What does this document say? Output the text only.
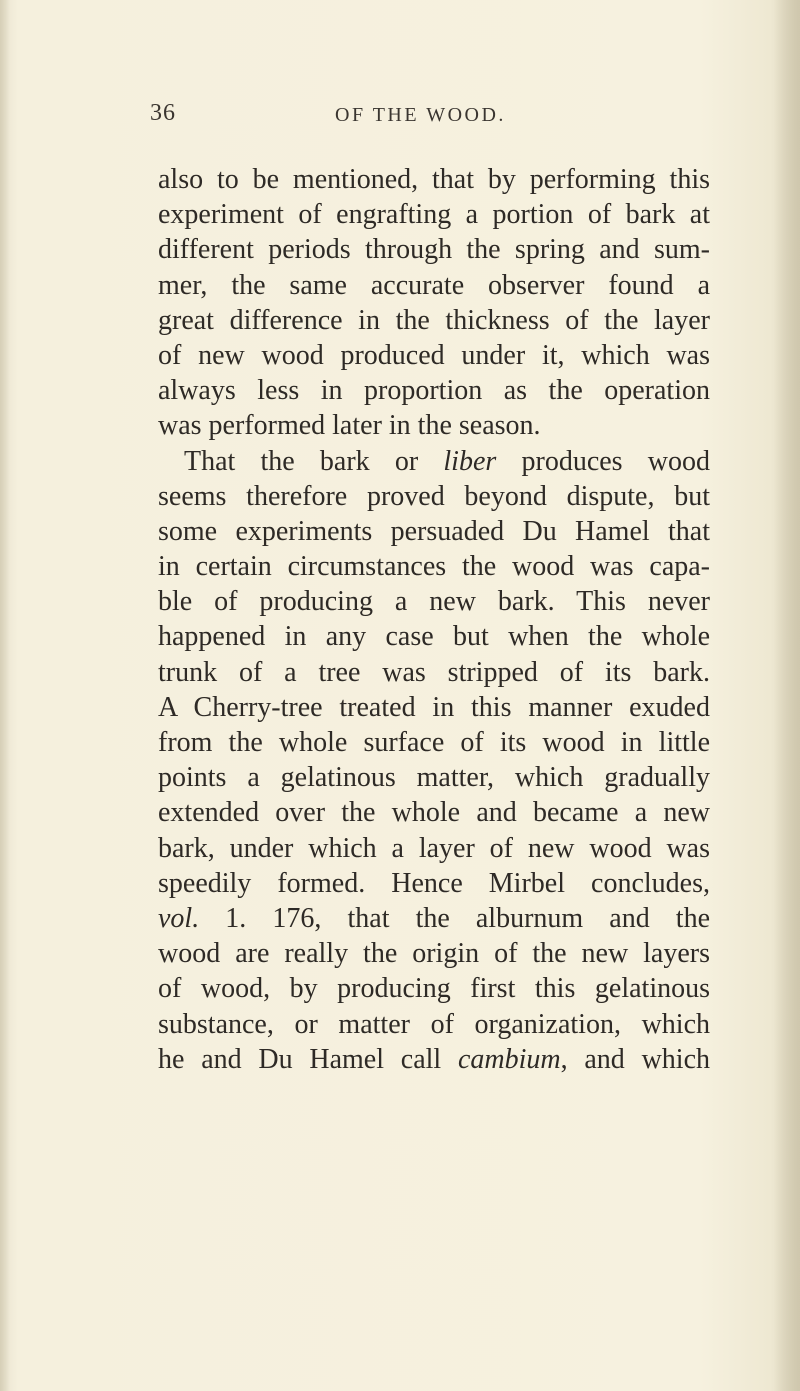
36	OF THE WOOD.
also to be mentioned, that by performing this
experiment of engrafting a portion of bark at
different periods through the spring and sum-
mer, the same accurate observer found a
great difference in the thickness of the layer
of new wood produced under it, which was
always less in proportion as the operation
was performed later in the season.
That the bark or liber produces wood
seems therefore proved beyond dispute, but
some experiments persuaded Du Hamel that
in certain circumstances the wood was capa-
ble of producing a new bark. This never
happened in any case but when the whole
trunk of a tree was stripped of its bark.
A Cherry-tree treated in this manner exuded
from the whole surface of its wood in little
points a gelatinous matter, which gradually
extended over the whole and became a new
bark, under which a layer of new wood was
speedily formed. Hence Mirbel concludes,
vol. 1. 176, that the alburnum and the
wood are really the origin of the new layers
of wood, by producing first this gelatinous
substance, or matter of organization, which
he and Du Hamel call cambium, and which
